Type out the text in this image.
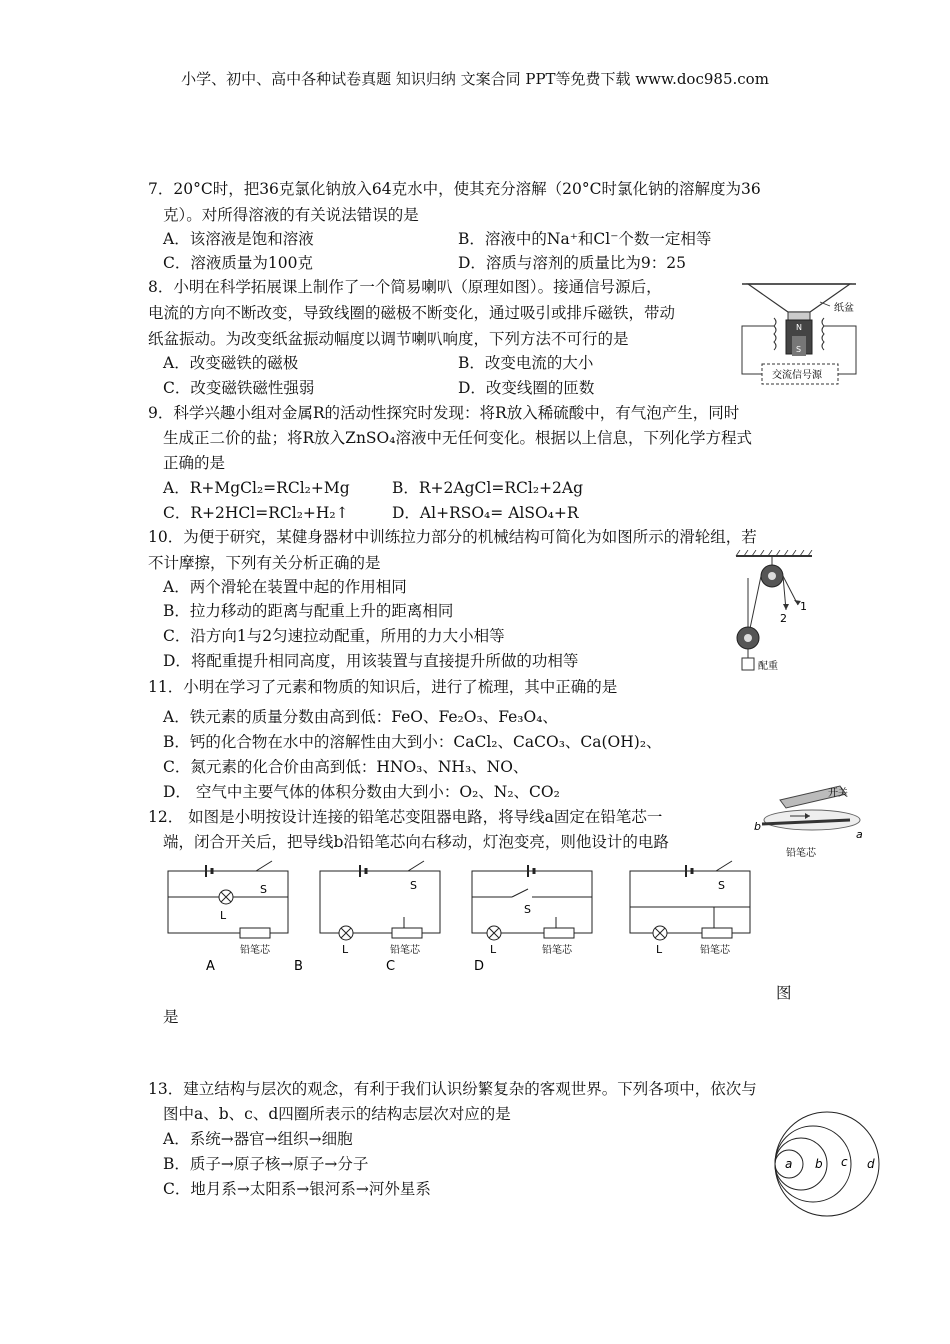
小学、初中、高中各种试卷真题 知识归纳 文案合同 PPT等免费下载 www.doc985.com
7．20°C时，把36克氯化钠放入64克水中，使其充分溶解（20°C时氯化钠的溶解度为36
克）。对所得溶液的有关说法错误的是
A．该溶液是饱和溶液	B．溶液中的Na⁺和Cl⁻个数一定相等
C．溶液质量为100克	D．溶质与溶剂的质量比为9：25
8．小明在科学拓展课上制作了一个简易喇叭（原理如图）。接通信号源后，
电流的方向不断改变，导致线圈的磁极不断变化，通过吸引或排斥磁铁，带动
纸盆振动。为改变纸盆振动幅度以调节喇叭响度，下列方法不可行的是
A．改变磁铁的磁极	B．改变电流的大小
C．改变磁铁磁性强弱	D．改变线圈的匝数
纸盆
N
S
交流信号源
9．科学兴趣小组对金属R的活动性探究时发现：将R放入稀硫酸中，有气泡产生，同时
生成正二价的盐；将R放入ZnSO₄溶液中无任何变化。根据以上信息，下列化学方程式
正确的是
A．R+MgCl₂=RCl₂+Mg	B．R+2AgCl=RCl₂+2Ag
C．R+2HCl=RCl₂+H₂↑	D．Al+RSO₄= AlSO₄+R
10．为便于研究，某健身器材中训练拉力部分的机械结构可简化为如图所示的滑轮组，若
不计摩擦，下列有关分析正确的是
A．两个滑轮在装置中起的作用相同
B．拉力移动的距离与配重上升的距离相同
C．沿方向1与2匀速拉动配重，所用的力大小相等
D．将配重提升相同高度，用该装置与直接提升所做的功相等
1
2
配重
11．小明在学习了元素和物质的知识后，进行了梳理，其中正确的是
A．铁元素的质量分数由高到低：FeO、Fe₂O₃、Fe₃O₄、
B．钙的化合物在水中的溶解性由大到小：CaCl₂、CaCO₃、Ca(OH)₂、
C．氮元素的化合价由高到低：HNO₃、NH₃、NO、
D． 空气中主要气体的体积分数由大到小：O₂、N₂、CO₂
12． 如图是小明按设计连接的铅笔芯变阻器电路，将导线a固定在铅笔芯一
端，闭合开关后，把导线b沿铅笔芯向右移动，灯泡变亮，则他设计的电路
开关
b
a
铅笔芯
S
L
铅笔芯
A
S
L	铅笔芯
B
S
L	铅笔芯
C
S
L	铅笔芯
D
图
是
13．建立结构与层次的观念，有利于我们认识纷繁复杂的客观世界。下列各项中，依次与
图中a、b、c、d四圈所表示的结构志层次对应的是
A．系统→器官→组织→细胞
B．质子→原子核→原子→分子
C．地月系→太阳系→银河系→河外星系
a b c d
